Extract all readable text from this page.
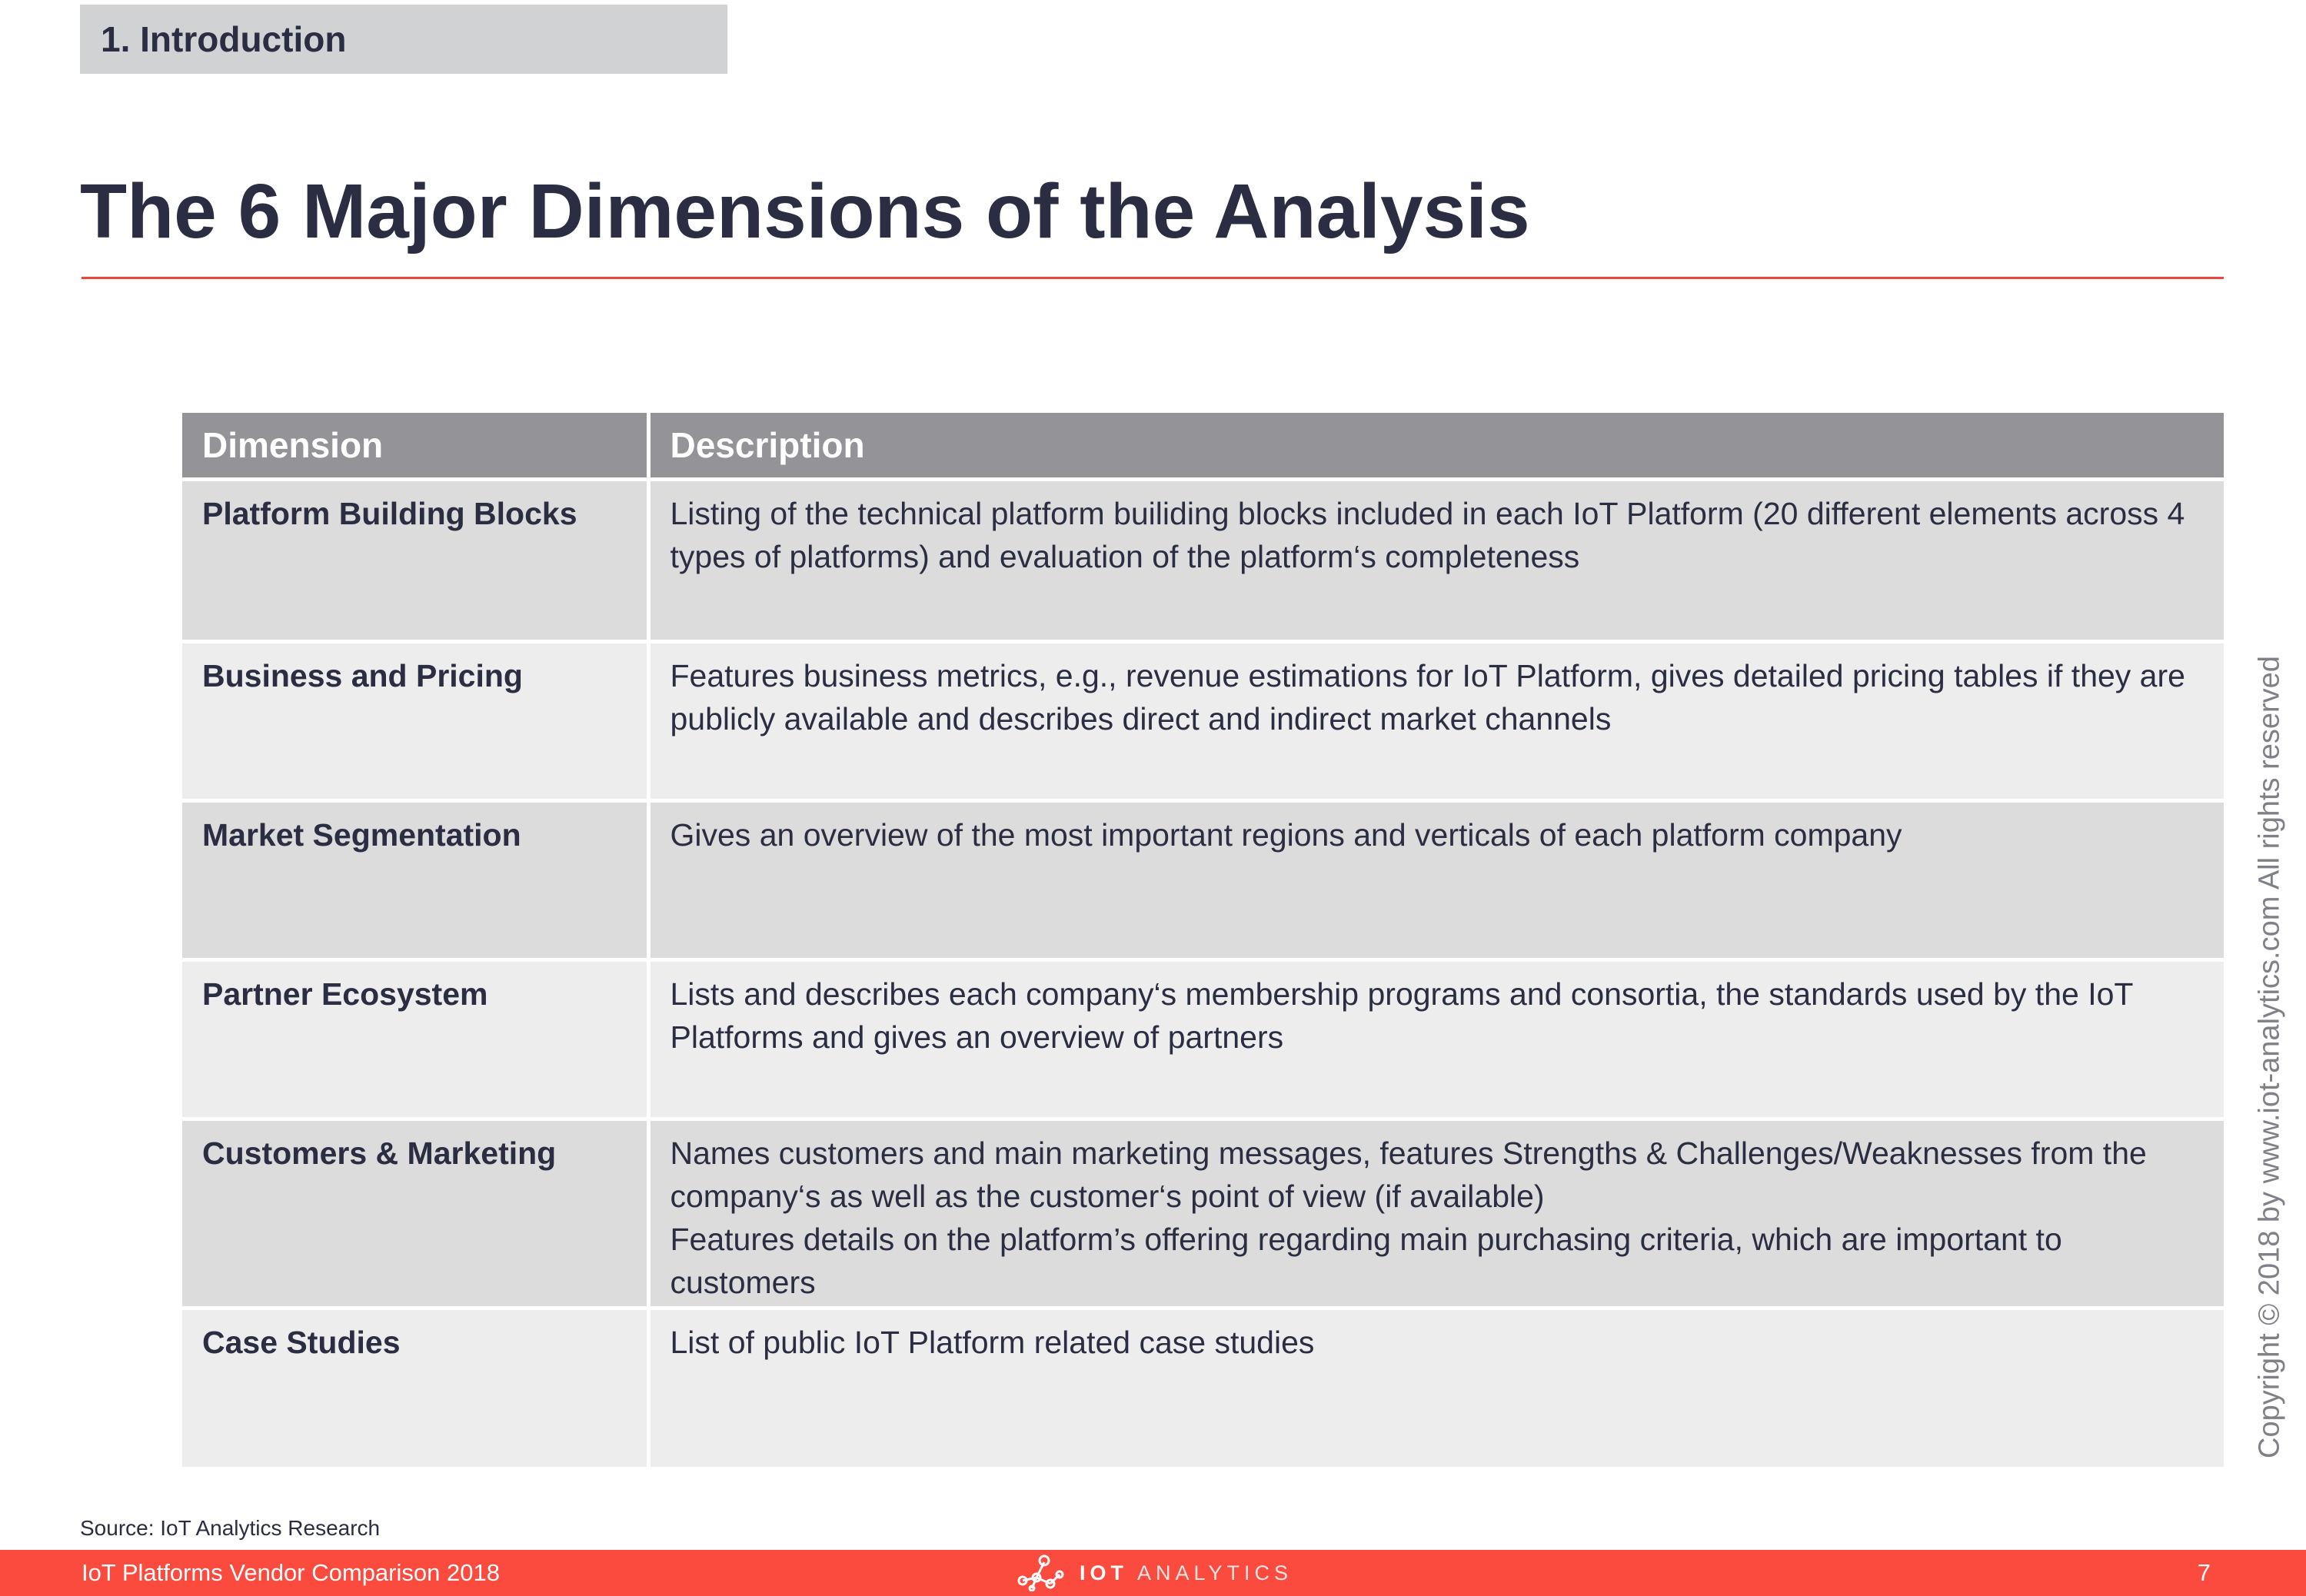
1. Introduction
The 6 Major Dimensions of the Analysis
Dimension	Description
Platform Building Blocks	Listing of the technical platform builiding blocks included in each IoT Platform (20 different elements across 4 types of platforms) and evaluation of the platform‘s completeness

Business and Pricing	Features business metrics, e.g., revenue estimations for IoT Platform, gives detailed pricing tables if they are publicly available and describes direct and indirect market channels

Market Segmentation	Gives an overview of the most important regions and verticals of each platform company

Partner Ecosystem	Lists and describes each company‘s membership programs and consortia, the standards used by the IoT Platforms and gives an overview of partners

Customers & Marketing	Names customers and main marketing messages, features Strengths & Challenges/Weaknesses from the company‘s as well as the customer‘s point of view (if available)
Features details on the platform’s offering regarding main purchasing criteria, which are important to customers

Case Studies	List of public IoT Platform related case studies	Copyright © 2018 by www.iot-analytics.com All rights reserved
Source: IoT Analytics Research
IoT Platforms Vendor Comparison 2018	IOT ANALYTICS	7
